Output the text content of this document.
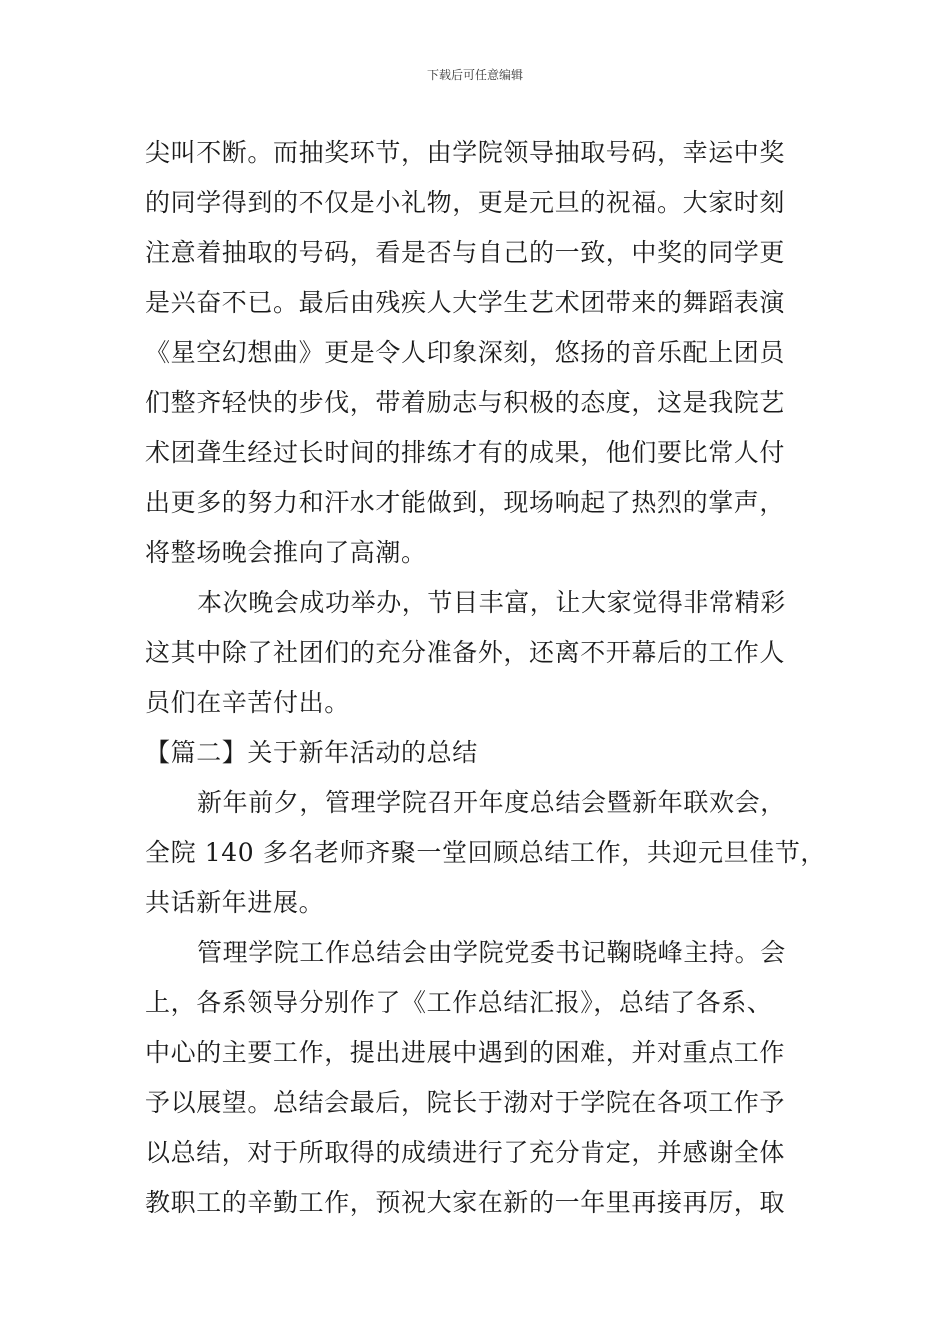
下载后可任意编辑
尖叫不断。而抽奖环节，由学院领导抽取号码，幸运中奖
的同学得到的不仅是小礼物，更是元旦的祝福。大家时刻
注意着抽取的号码，看是否与自己的一致，中奖的同学更
是兴奋不已。最后由残疾人大学生艺术团带来的舞蹈表演
《星空幻想曲》更是令人印象深刻，悠扬的音乐配上团员
们整齐轻快的步伐，带着励志与积极的态度，这是我院艺
术团聋生经过长时间的排练才有的成果，他们要比常人付
出更多的努力和汗水才能做到，现场响起了热烈的掌声，
将整场晚会推向了高潮。
本次晚会成功举办，节目丰富，让大家觉得非常精彩
这其中除了社团们的充分准备外，还离不开幕后的工作人
员们在辛苦付出。
【篇二】关于新年活动的总结
新年前夕，管理学院召开年度总结会暨新年联欢会，
全院 140 多名老师齐聚一堂回顾总结工作，共迎元旦佳节，
共话新年进展。
管理学院工作总结会由学院党委书记鞠晓峰主持。会
上，各系领导分别作了《工作总结汇报》，总结了各系、
中心的主要工作，提出进展中遇到的困难，并对重点工作
予以展望。总结会最后，院长于渤对于学院在各项工作予
以总结，对于所取得的成绩进行了充分肯定，并感谢全体
教职工的辛勤工作，预祝大家在新的一年里再接再厉，取
